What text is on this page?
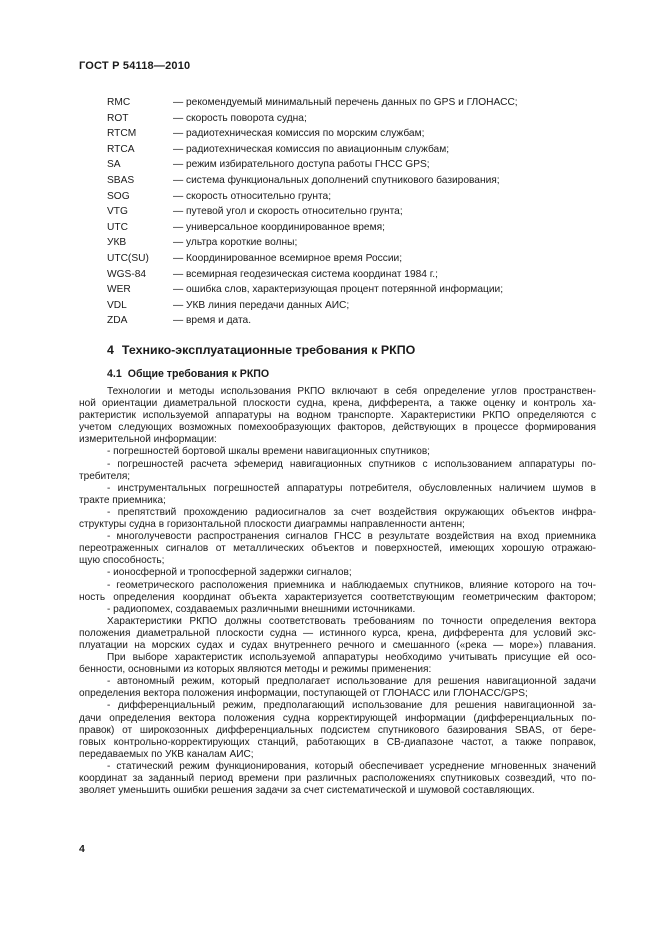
ГОСТ Р 54118—2010
RMC	— рекомендуемый минимальный перечень данных по GPS и ГЛОНАСС;
ROT	— скорость поворота судна;
RTCM	— радиотехническая комиссия по морским службам;
RTCA	— радиотехническая комиссия по авиационным службам;
SA	— режим избирательного доступа работы ГНСС GPS;
SBAS	— система функциональных дополнений спутникового базирования;
SOG	— скорость относительно грунта;
VTG	— путевой угол и скорость относительно грунта;
UTC	— универсальное координированное время;
УКВ	— ультра короткие волны;
UTC(SU) — Координированное всемирное время России;
WGS-84	— всемирная геодезическая система координат 1984 г.;
WER	— ошибка слов, характеризующая процент потерянной информации;
VDL	— УКВ линия передачи данных АИС;
ZDA	— время и дата.
4 Технико-эксплуатационные требования к РКПО
4.1 Общие требования к РКПО
Технологии и методы использования РКПО включают в себя определение углов пространствен-
ной ориентации диаметральной плоскости судна, крена, дифферента, а также оценку и контроль ха-
рактеристик используемой аппаратуры на водном транспорте. Характеристики РКПО определяются с
учетом следующих возможных помехообразующих факторов, действующих в процессе формирования
измерительной информации:
- погрешностей бортовой шкалы времени навигационных спутников;
- погрешностей расчета эфемерид навигационных спутников с использованием аппаратуры по-
требителя;
- инструментальных погрешностей аппаратуры потребителя, обусловленных наличием шумов в
тракте приемника;
- препятствий прохождению радиосигналов за счет воздействия окружающих объектов инфра-
структуры судна в горизонтальной плоскости диаграммы направленности антенн;
- многолучевости распространения сигналов ГНСС в результате воздействия на вход приемника
переотраженных сигналов от металлических объектов и поверхностей, имеющих хорошую отражаю-
щую способность;
- ионосферной и тропосферной задержки сигналов;
- геометрического расположения приемника и наблюдаемых спутников, влияние которого на точ-
ность определения координат объекта характеризуется соответствующим геометрическим фактором;
- радиопомех, создаваемых различными внешними источниками.
Характеристики РКПО должны соответствовать требованиям по точности определения вектора
положения диаметральной плоскости судна — истинного курса, крена, дифферента для условий экс-
плуатации на морских судах и судах внутреннего речного и смешанного («река — море») плавания.
При выборе характеристик используемой аппаратуры необходимо учитывать присущие ей осо-
бенности, основными из которых являются методы и режимы применения:
- автономный режим, который предполагает использование для решения навигационной задачи
определения вектора положения информации, поступающей от ГЛОНАСС или ГЛОНАСС/GPS;
- дифференциальный режим, предполагающий использование для решения навигационной за-
дачи определения вектора положения судна корректирующей информации (дифференциальных по-
правок) от широкозонных дифференциальных подсистем спутникового базирования SBAS, от бере-
говых контрольно-корректирующих станций, работающих в СВ-диапазоне частот, а также поправок,
передаваемых по УКВ каналам АИС;
- статический режим функционирования, который обеспечивает усреднение мгновенных значений
координат за заданный период времени при различных расположениях спутниковых созвездий, что по-
зволяет уменьшить ошибки решения задачи за счет систематической и шумовой составляющих.
4
